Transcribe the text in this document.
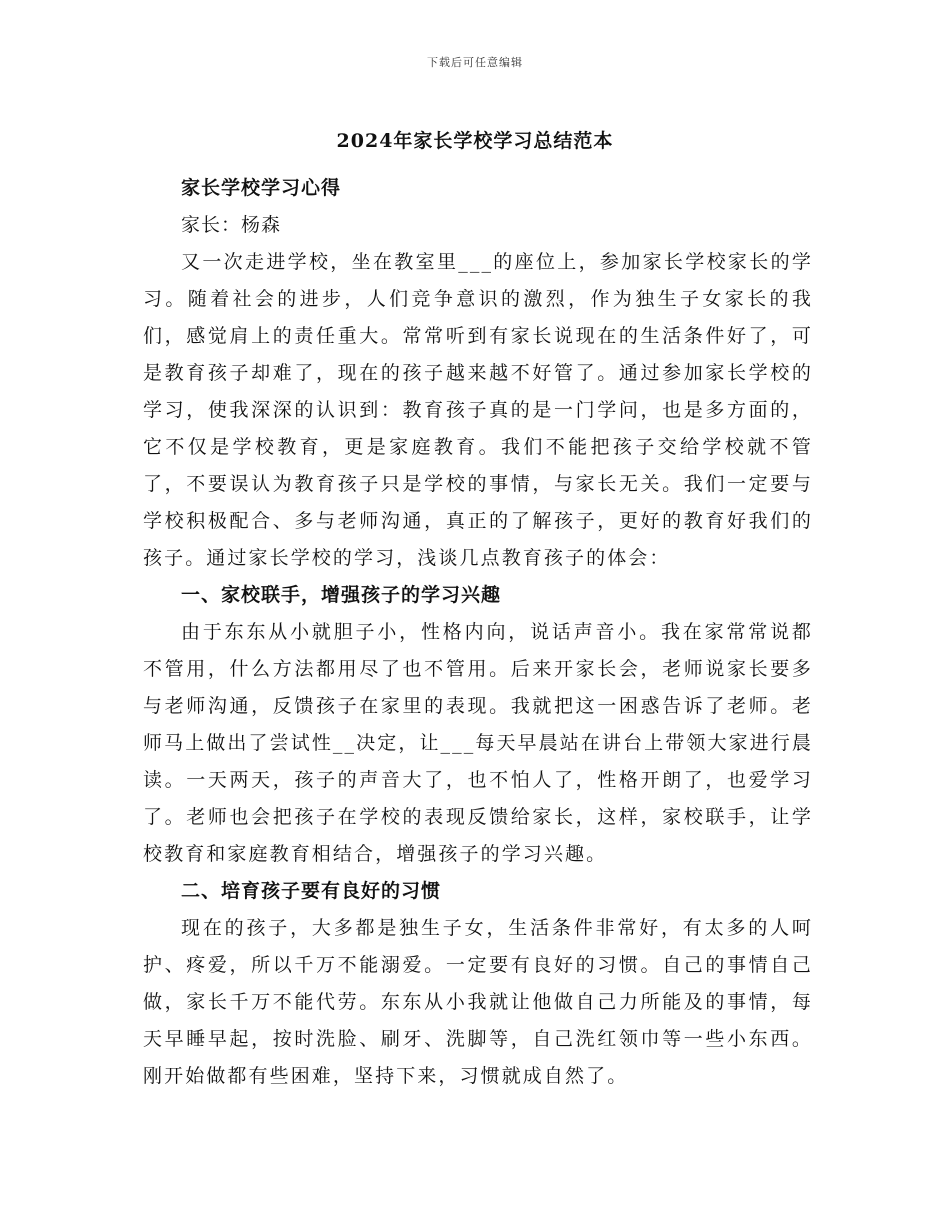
下载后可任意编辑
2024年家长学校学习总结范本

家长学校学习心得

家长：杨森

又一次走进学校，坐在教室里___的座位上，参加家长学校家长的学习。随着社会的进步，人们竞争意识的激烈，作为独生子女家长的我们，感觉肩上的责任重大。常常听到有家长说现在的生活条件好了，可是教育孩子却难了，现在的孩子越来越不好管了。通过参加家长学校的学习，使我深深的认识到：教育孩子真的是一门学问，也是多方面的，它不仅是学校教育，更是家庭教育。我们不能把孩子交给学校就不管了，不要误认为教育孩子只是学校的事情，与家长无关。我们一定要与学校积极配合、多与老师沟通，真正的了解孩子，更好的教育好我们的孩子。通过家长学校的学习，浅谈几点教育孩子的体会：

一、家校联手，增强孩子的学习兴趣

由于东东从小就胆子小，性格内向，说话声音小。我在家常常说都不管用，什么方法都用尽了也不管用。后来开家长会，老师说家长要多与老师沟通，反馈孩子在家里的表现。我就把这一困惑告诉了老师。老师马上做出了尝试性__决定，让___每天早晨站在讲台上带领大家进行晨读。一天两天，孩子的声音大了，也不怕人了，性格开朗了，也爱学习了。老师也会把孩子在学校的表现反馈给家长，这样，家校联手，让学校教育和家庭教育相结合，增强孩子的学习兴趣。

二、培育孩子要有良好的习惯

现在的孩子，大多都是独生子女，生活条件非常好，有太多的人呵护、疼爱，所以千万不能溺爱。一定要有良好的习惯。自己的事情自己做，家长千万不能代劳。东东从小我就让他做自己力所能及的事情，每天早睡早起，按时洗脸、刷牙、洗脚等，自己洗红领巾等一些小东西。刚开始做都有些困难，坚持下来，习惯就成自然了。
